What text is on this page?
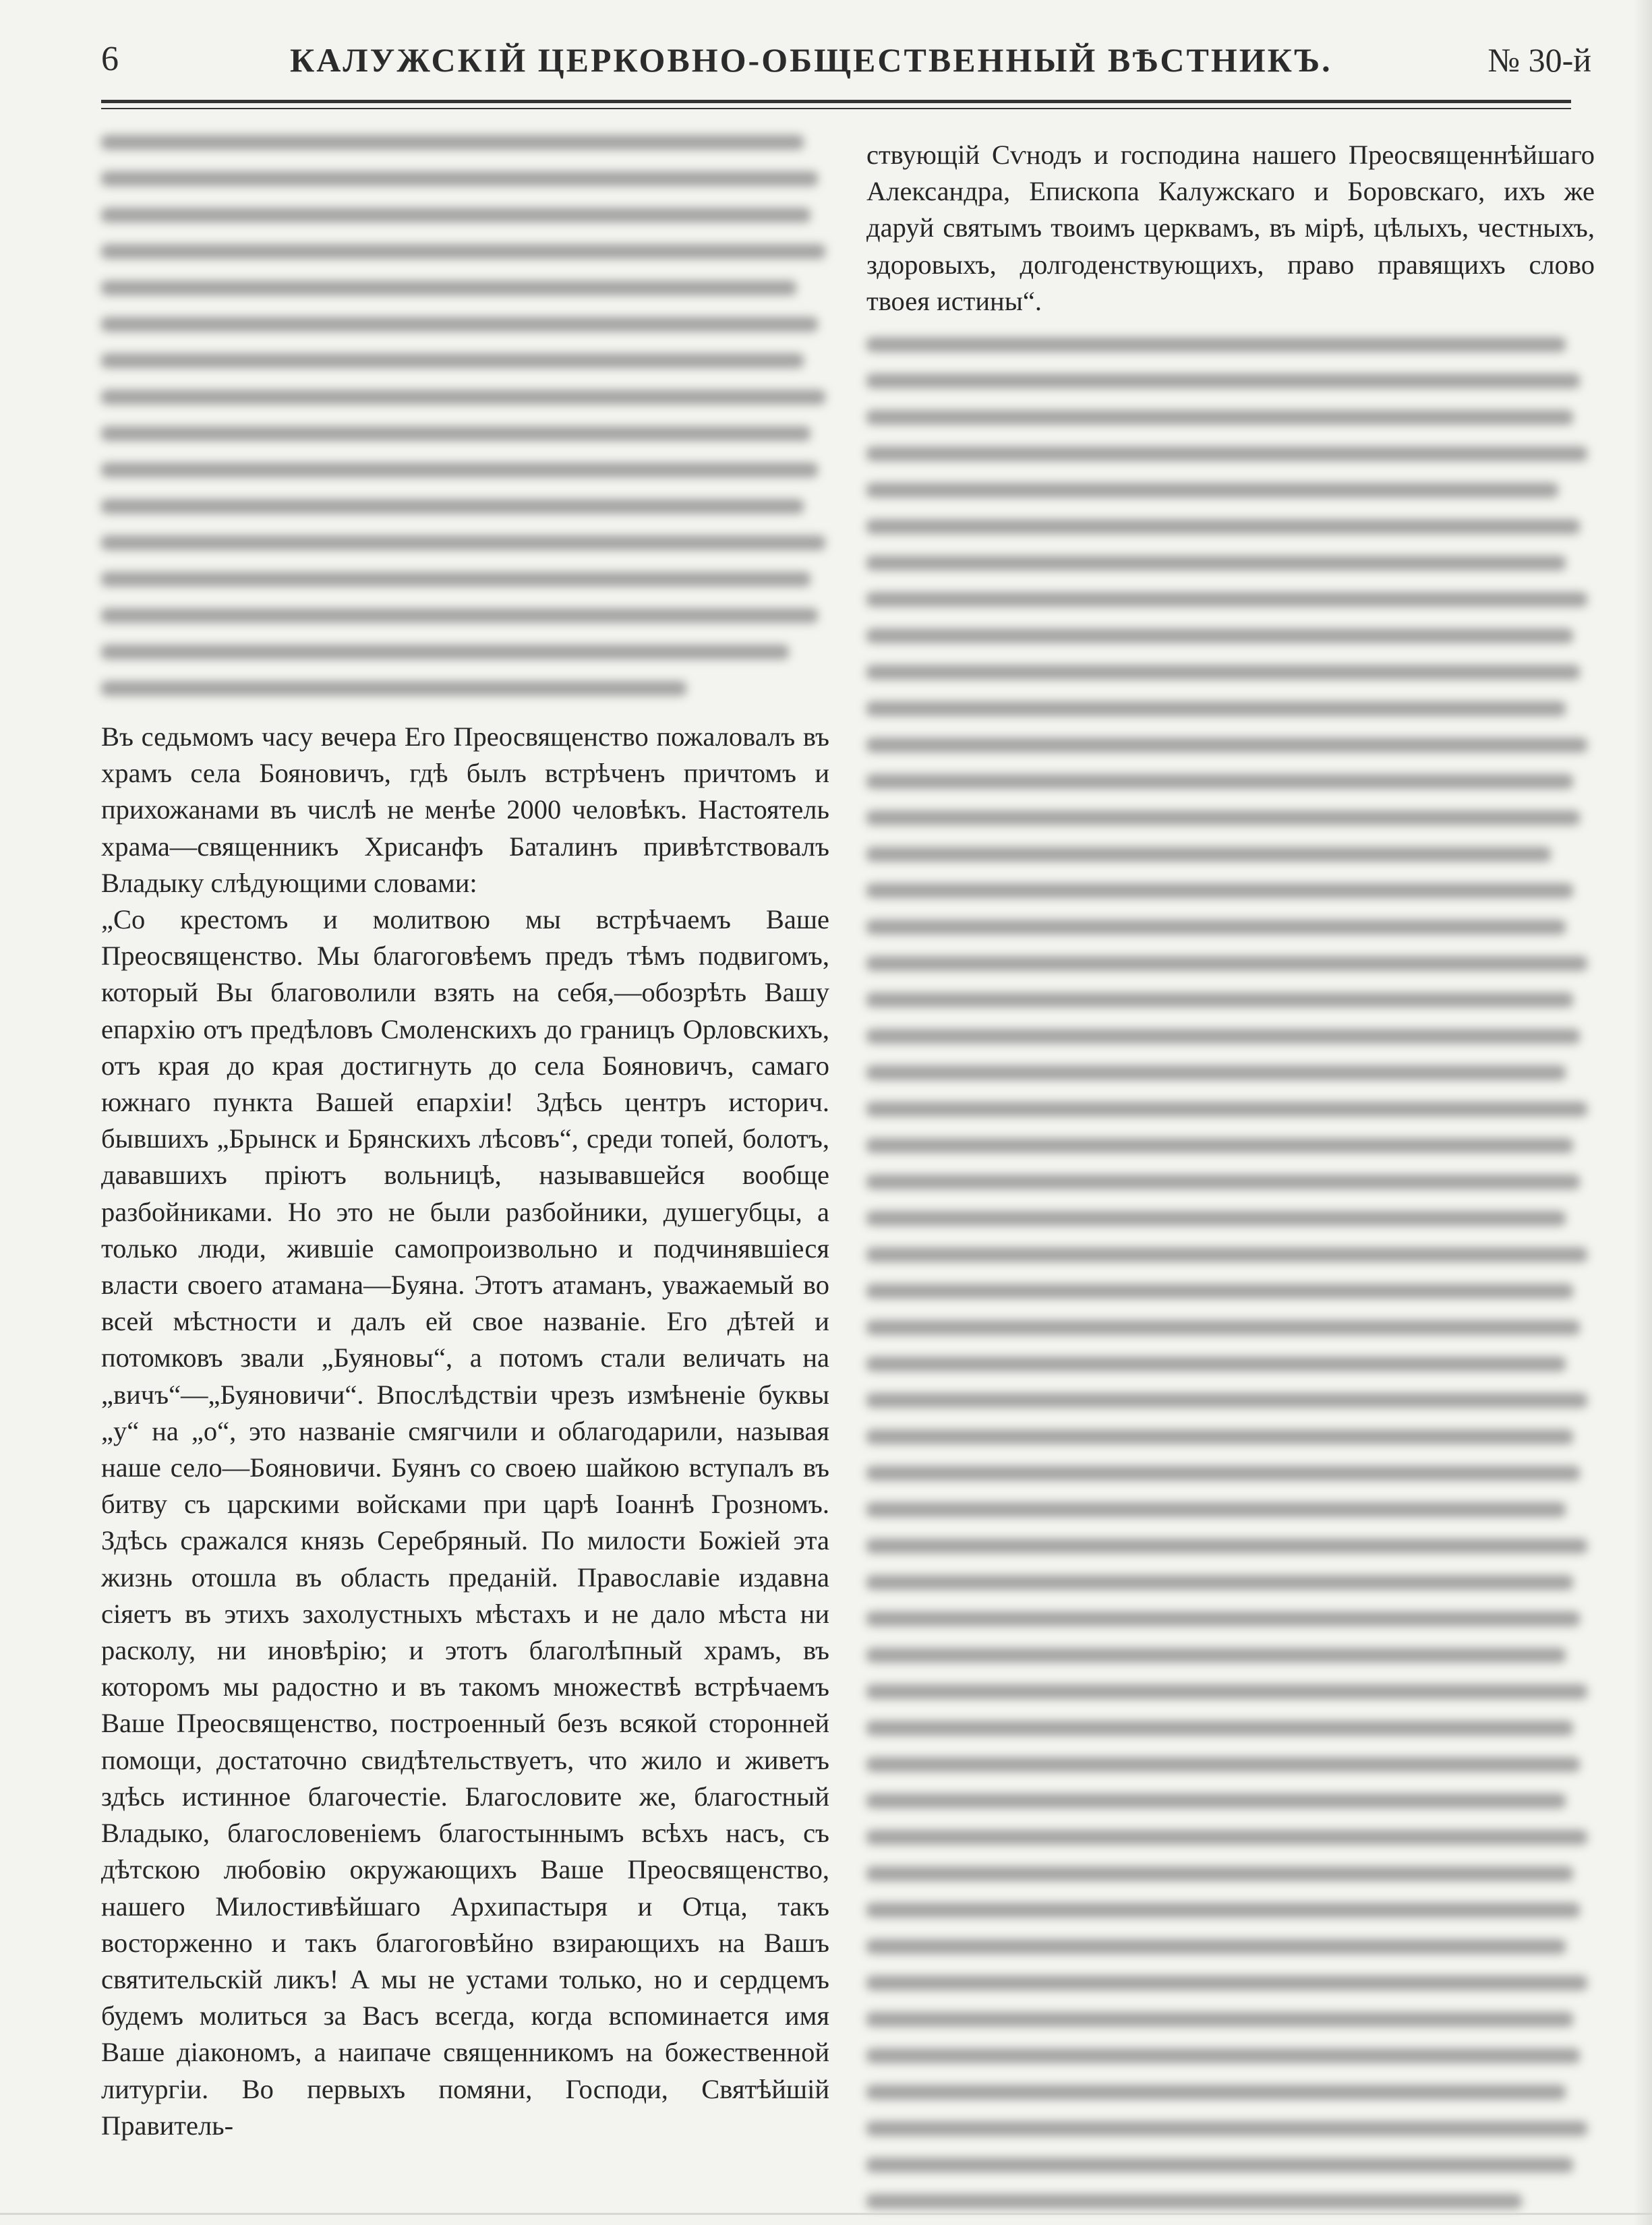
6	КАЛУЖСКIЙ ЦЕРКОВНО-ОБЩЕСТВЕННЫЙ ВѢСТНИКЪ.	№ 30-й

Въ седьмомъ часу вечера Его Преосвященство пожаловалъ въ храмъ села Бояновичъ, гдѣ былъ встрѣченъ причтомъ и прихожанами въ числѣ не менѣе 2000 человѣкъ. Настоятель храма—священникъ Хрисанфъ Баталинъ привѣтствовалъ Владыку слѣдующими словами:

„Со крестомъ и молитвою мы встрѣчаемъ Ваше Преосвященство. Мы благоговѣемъ предъ тѣмъ подвигомъ, который Вы благоволили взять на себя,—обозрѣть Вашу епархiю отъ предѣловъ Смоленскихъ до границъ Орловскихъ, отъ края до края достигнуть до села Бояновичъ, самаго южнаго пункта Вашей епархiи! Здѣсь центръ историч. бывшихъ „Брынск и Брянскихъ лѣсовъ“, среди топей, болотъ, дававшихъ прiютъ вольницѣ, называвшейся вообще разбойниками. Но это не были разбойники, душегубцы, а только люди, жившiе самопроизвольно и подчинявшiеся власти своего атамана—Буяна. Этотъ атаманъ, уважаемый во всей мѣстности и далъ ей свое названiе. Его дѣтей и потомковъ звали „Буяновы“, а потомъ стали величать на „вичъ“—„Буяновичи“. Впослѣдствiи чрезъ измѣненiе буквы „у“ на „о“, это названiе смягчили и облагодарили, называя наше село—Бояновичи. Буянъ со своею шайкою вступалъ въ битву съ царскими войсками при царѣ Iоаннѣ Грозномъ. Здѣсь сражался князь Серебряный. По милости Божiей эта жизнь отошла въ область преданiй. Православiе издавна сiяетъ въ этихъ захолустныхъ мѣстахъ и не дало мѣста ни расколу, ни иновѣрiю; и этотъ благолѣпный храмъ, въ которомъ мы радостно и въ такомъ множествѣ встрѣчаемъ Ваше Преосвященство, построенный безъ всякой сторонней помощи, достаточно свидѣтельствуетъ, что жило и живетъ здѣсь истинное благочестiе. Благословите же, благостный Владыко, благословенiемъ благостыннымъ всѣхъ насъ, съ дѣтскою любовiю окружающихъ Ваше Преосвященство, нашего Милостивѣйшаго Архипастыря и Отца, такъ восторженно и такъ благоговѣйно взирающихъ на Вашъ святительскiй ликъ! А мы не устами только, но и сердцемъ будемъ молиться за Васъ всегда, когда вспоминается имя Ваше дiакономъ, а наипаче священникомъ на божественной литургiи. Во первыхъ помяни, Господи, Святѣйшiй Правитель-

ствующiй Сѵнодъ и господина нашего Преосвященнѣйшаго Александра, Епископа Калужскаго и Боровскаго, ихъ же даруй святымъ твоимъ церквамъ, въ мiрѣ, цѣлыхъ, честныхъ, здоровыхъ, долгоденствующихъ, право правящихъ слово твоея истины“.
